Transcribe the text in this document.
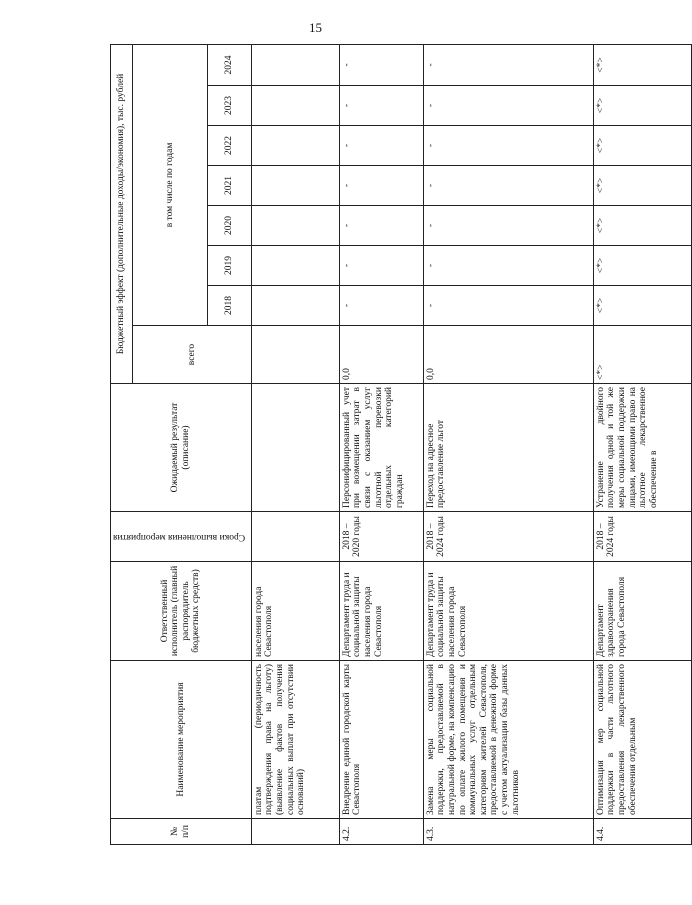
15
№ п/п	Наименование мероприятия	Ответственный исполнитель (главный распорядитель бюджетных средств)	Сроки выполнения мероприятия	Ожидаемый результат (описание)	Бюджетный эффект (дополнительные доходы/экономия), тыс. рублей							
					всего	в том числе по годам						
						2018	2019	2020	2021	2022	2023	2024
	платам (периодичность подтверждения права на льготу) (выявление фактов получения социальных выплат при отсутствии оснований)	населения города Севастополя										
4.2.	Внедрение единой городской карты Севастополя	Департамент труда и социальной защиты населения города Севастополя	2018 – 2020 годы	Персонифицированный учет при возмещении затрат в связи с оказанием услуг льготной перевозки отдельных категорий граждан	0,0	-	-	-	-	-	-	-
4.3.	Замена меры социальной поддержки, предоставляемой в натуральной форме, на компенсацию по оплате жилого помещения и коммунальных услуг отдельным категориям жителей Севастополя, предоставляемой в денежной форме с учетом актуализации базы данных льготников	Департамент труда и социальной защиты населения города Севастополя	2018 – 2024 годы	Переход на адресное предоставление льгот	0,0	-	-	-	-	-	-	-
4.4.	Оптимизация мер социальной поддержки в части льготного предоставления лекарственного обеспечения отдельным	Департамент здравоохранения города Севастополя	2018 – 2024 годы	Устранение двойного получения одной и той же меры социальной поддержки лицами, имеющими право на льготное лекарственное обеспечение в	<*>	<*>	<*>	<*>	<*>	<*>	<*>	<*>
